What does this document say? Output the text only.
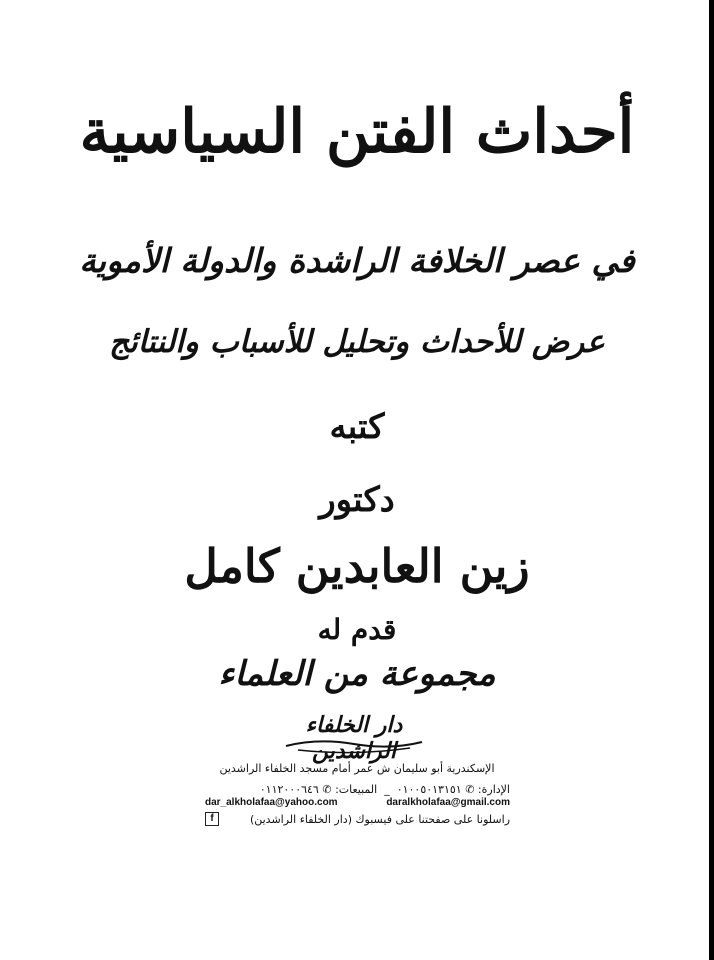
أحداث الفتن السياسية
في عصر الخلافة الراشدة والدولة الأموية
عرض للأحداث وتحليل للأسباب والنتائج
كتبه
دكتور
زين العابدين كامل
قدم له
مجموعة من العلماء
دار الخلفاء الراشدين
الإسكندرية أبو سليمان ش عمر أمام مسجد الخلفاء الراشدين
الإدارة: ✆ ٠١٠٠٥٠١٣١٥١  _  المبيعات: ✆ ٠١١٢٠٠٠٦٤٦
dar_alkholafaa@yahoo.com	daralkholafaa@gmail.com
f	راسلونا على صفحتنا على فيسبوك (دار الخلفاء الراشدين)
